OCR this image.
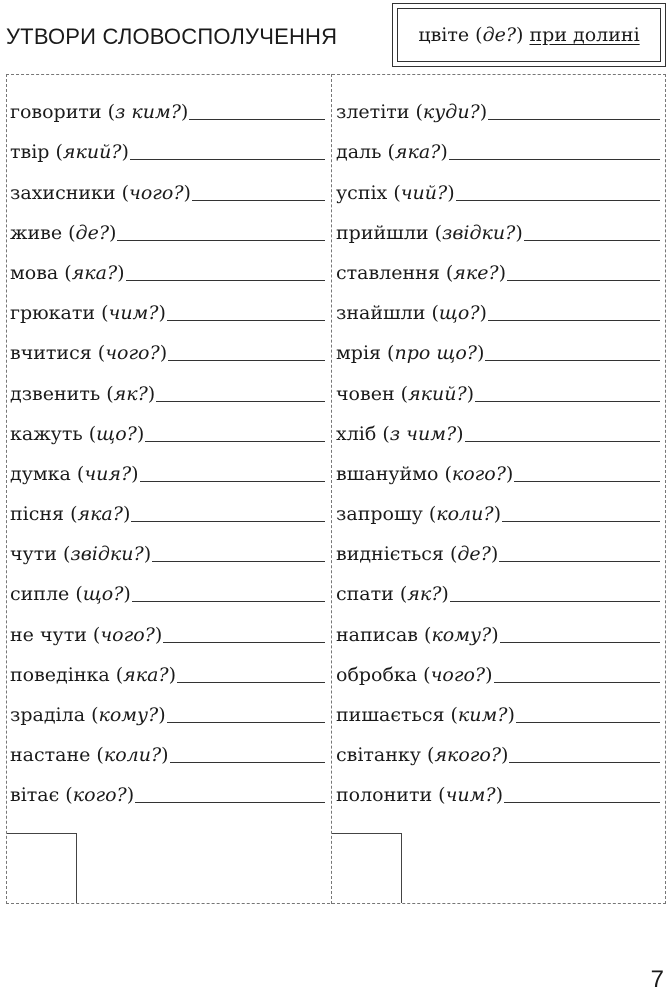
УТВОРИ СЛОВОСПОЛУЧЕННЯ	цвіте ( де? ) при долині
говорити (з ким?)
твір (який?)
захисники (чого?)
живе (де?)
мова (яка?)
грюкати (чим?)
вчитися (чого?)
дзвенить (як?)
кажуть (що?)
думка (чия?)
пісня (яка?)
чути (звідки?)
сипле (що?)
не чути (чого?)
поведінка (яка?)
зраділа (кому?)
настане (коли?)
вітає (кого?)
злетіти (куди?)
даль (яка?)
успіх (чий?)
прийшли (звідки?)
ставлення (яке?)
знайшли (що?)
мрія (про що?)
човен (який?)
хліб (з чим?)
вшануймо (кого?)
запрошу (коли?)
видніється (де?)
спати (як?)
написав (кому?)
обробка (чого?)
пишається (ким?)
світанку (якого?)
полонити (чим?)
7
